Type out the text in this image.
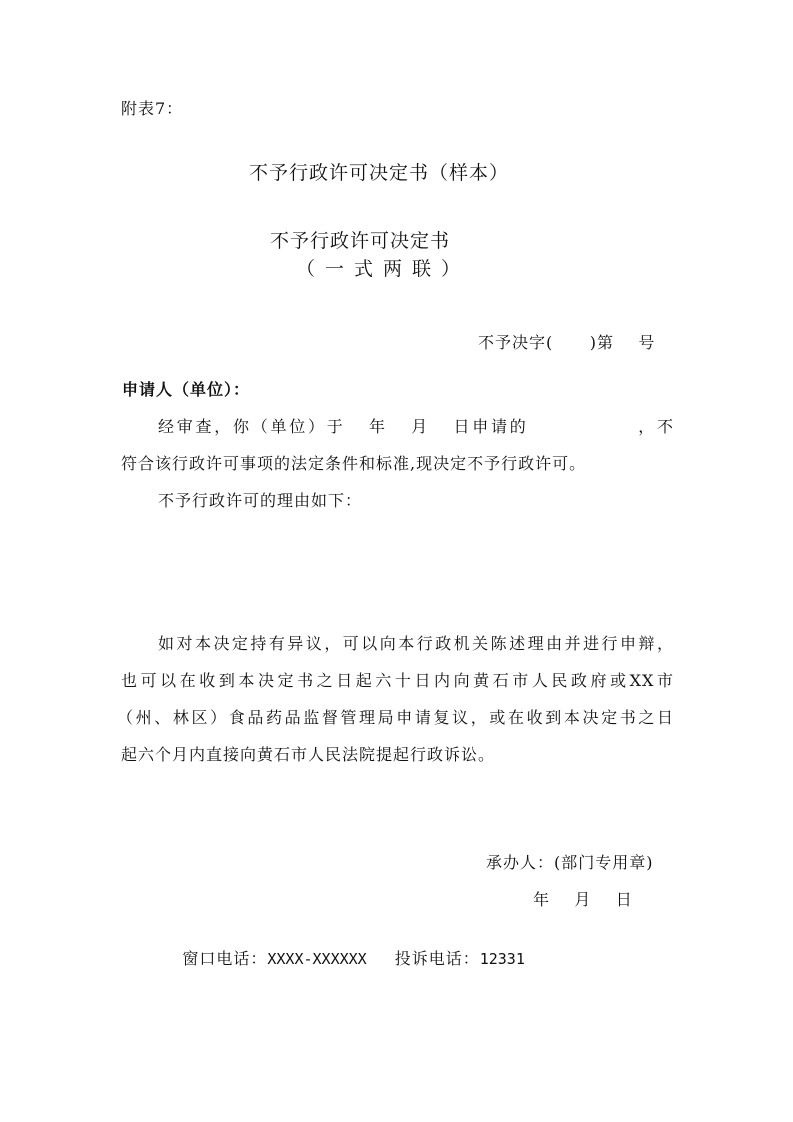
附表7：
不予行政许可决定书（样本）
不予行政许可决定书
（一式两联）
不予决字(      )第    号
申请人（单位）：
经审查，你（单位）于   年   月   日申请的              ，不
符合该行政许可事项的法定条件和标准,现决定不予行政许可。
不予行政许可的理由如下：
如对本决定持有异议，可以向本行政机关陈述理由并进行申辩，
也可以在收到本决定书之日起六十日内向黄石市人民政府或XX市
（州、林区）食品药品监督管理局申请复议，或在收到本决定书之日
起六个月内直接向黄石市人民法院提起行政诉讼。
承办人：(部门专用章)
年    月    日

窗口电话：XXXX-XXXXXX 投诉电话：12331
